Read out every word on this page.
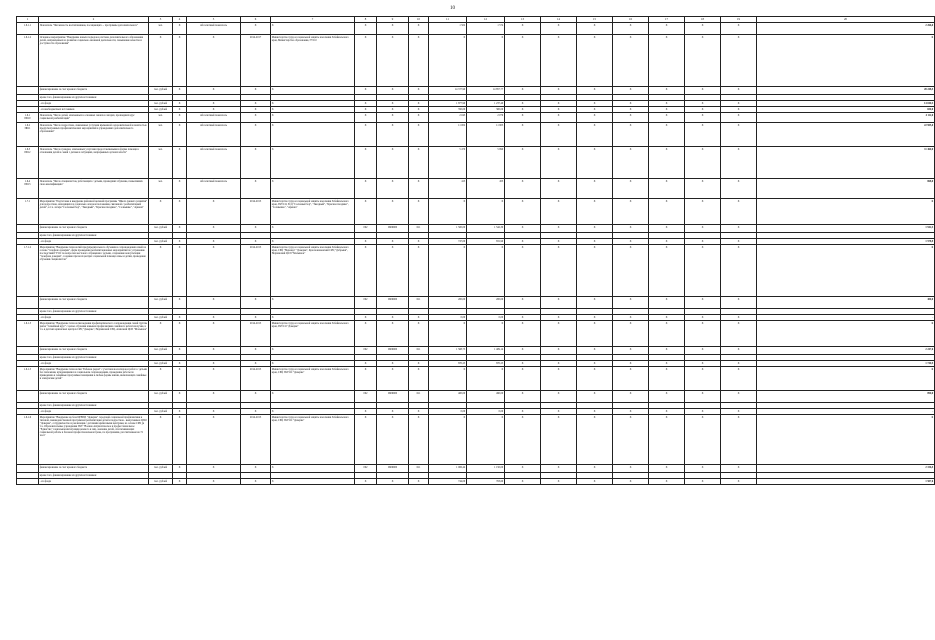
10
1	2	3	4	5	6	7	8	9	10	11	12	13	14	15	16	17	18	19	20
1.6.1.1	Показатель "Численность воспитанников, посещающих ... программы дополнительного"	чел.	Х	Абсолютный показатель	Х	Х	Х	Х	Х	1 502	1 574	Х	Х	Х	Х	Х	Х	Х	2 266,0
1.6.1.2	Основное мероприятие "Внедрение новых подходов в системе дополнительного образования детей, направленных на развитие социально-значимой деятельности, повышение качества и доступности образования"	Х	Х	Х	2014-2017	Министерство труда и социальной защиты населения Забайкальского края, Министерство образования, ГУСО	Х	Х	Х	Х	Х	Х	Х	Х	Х	Х	Х	Х	Х
	финансирование за счет краевого бюджета	тыс. рублей	Х	Х	Х	Х	Х	Х	Х	14 727,90	14 857,77	Х	Х	Х	Х	Х	Х	Х	28 248,5
	кроме того, финансирование из других источников:																		
	- из фонда	тыс. рублей	Х	Х	Х	Х	Х	Х	Х	1 877,90	1 237,40	Х	Х	Х	Х	Х	Х	Х	14 040,3
	- из внебюджетных источников	тыс. рублей	Х	Х	Х	Х	Х	Х	Х	350,00	300,00	Х	Х	Х	Х	Х	Х	Х	650,0
1.6.1
ПБ10	Показатель "Число детей, охваченных в основных сменах в лагерях, прошедших курс социальной реабилитации"	чел.	Х	Абсолютный показатель	Х	Х	Х	Х	Х	2 043	2 079	Х	Х	Х	Х	Х	Х	Х	4 112,0
1.6.2
ПБ11	Показатель "Число подростков, охваченных услугами временной оздоровительной и занятостью предусмотренных профилактических мероприятий в учреждениях дополнительного образования"	чел.	Х	Абсолютный показатель	Х	Х	Х	Х	Х	11 002	11 903	Х	Х	Х	Х	Х	Х	Х	22 905,0
1.6.3
ПБ12	Показатель "Число граждан, охваченных услугами предоставляемыми в форме помощи в отношении детей и семей с детьми в ситуациях, непрерывных органах власти"	чел.	Х	Абсолютный показатель	Х	Х	Х	Х	Х	5 470	5 990	Х	Х	Х	Х	Х	Х	Х	11 460,0
1.6.4
ПБ13	Показатель "Число специалистов, работающих с детьми, прошедших обучение, повысивших свою квалификацию"	чел.	Х	Абсолютный показатель	Х	Х	Х	Х	Х	415	453	Х	Х	Х	Х	Х	Х	Х	868,0
1.7.1	Мероприятие "Подготовка и внедрение районной целевой программы "Школа раннего развития" для подростков, находящихся в социально опасном положении, связанной с реабилитацией детей", в т.ч. лагеря "Сосновый бор", "Звездный", "Красная гвоздика", "Солнышко", "Ариана"	Х	Х	Х	2014-2015	Министерство труда и социальной защиты населения Забайкальского края, ГКУСО, ЗСД "Сосновый бор", "Звездный", "Красная гвоздика", "Солнышко", "Ариана"	Х	Х	Х	Х	Х	Х	Х	Х	Х	Х	Х	Х	Х
	финансирование за счет краевого бюджета	тыс. рублей	Х	Х	Х	Х	002	0609900	611	1 500,00	1 542,30	Х	Х	Х	Х	Х	Х	Х	1 942,3
	кроме того, финансирование из других источников:																		
	- из фонда	тыс. рублей	Х	Х	Х	Х	Х	Х	Х	747,00	831,90	Х	Х	Х	Х	Х	Х	Х	1 578,9
1.7.1.2	Мероприятие "Внедрение технологий предупредительного обучения и сопровождения семей на основе "телефона доверия", форм проведения реабилитационных мероприятий по устранению последствий ГУСО по вопросам жестокого обращения с детьми, сохранение консультации "телефона доверия", создание при всех центрах социальной помощи семье и детям, проведение обучения специалистов"	Х	Х	Х	2014-2015	Министерство труда и социальной защиты населения Забайкальского края, СРЦ "Надежда" "Доверие", Краснокаменский СРЦ "Добрыня", Нерчинский ЦСП "Малышок"	Х	Х	Х	Х	Х	Х	Х	Х	Х	Х	Х	Х	Х
	финансирование за счет краевого бюджета	тыс. рублей	Х	Х	Х	Х	002	0609900	611	200,00	200,00	Х	Х	Х	Х	Х	Х	Х	400,0
	кроме того, финансирование из других источников:																		
	- из фонда	тыс. рублей	Х	Х	Х	Х	Х	Х	Х	0,00	0,00	Х	Х	Х	Х	Х	Х	Х	-
1.6.1.3	Мероприятие "Внедрение технологии ведения профилактического сопровождения семей группы риска "Семейный круг" с целью обучения навыкам профилактики семейного неблагополучия, в т.ч. в детских кризисных центрах СРЦ "Доверие", Нерчинский СРЦ, Агинский ЦСП "Малышок"	Х	Х	Х	2014-2015	Министерство труда и социальной защиты населения Забайкальского края, ГКУСО "Доверие"	Х	Х	Х	Х	Х	Х	Х	Х	Х	Х	Х	Х	Х
	финансирование за счет краевого бюджета	тыс. рублей	Х	Х	Х	Х	002	0609900	611	1 568,75	1 409,14	Х	Х	Х	Х	Х	Х	Х	2 247,6
	кроме того, финансирование из других источников:																		
	- из фонда	тыс. рублей	Х	Х	Х	Х	Х	Х	Х	870,25	870,25	Х	Х	Х	Х	Х	Х	Х	1 740,5
1.6.1.5	Мероприятие "Внедрение технологии "Ребенок рядом" с участием волонтеров и работа с детьми без попечения, нуждающимися в социальном сопровождении, проведение работы по приведению в семейные программы помещения в любые формы жизни, включающих семейные и опекунские детей"	Х	Х	Х	2014-2015	Министерство труда и социальной защиты населения Забайкальского края, СРЦ ГКУСО "Доверие"	Х	Х	Х	Х	Х	Х	Х	Х	Х	Х	Х	Х	Х
	финансирование за счет краевого бюджета	тыс. рублей	Х	Х	Х	Х	002	0609900	611	400,00	490,00	Х	Х	Х	Х	Х	Х	Х	890,0
	кроме того, финансирование из других источников:																		
	- из фонда	тыс. рублей	Х	Х	Х	Х	Х	Х	Х	0,00	0,00	Х	Х	Х	Х	Х	Х	Х	-
1.6.1.6	Мероприятие "Внедрение на базе ЦРЕПИ "Доверие" городской социальной профилактики и типовой, межведомственной программой реабилитации детей и подростков - выпускников ЦПО "Доверие", сотрудничество и реализация с детскими кризисными центрами, на основе СРЦ (в т.ч. Образовательные учреждения ГКУ "Военно-патриотическое и профессиональное "Единство" социальная интеграция целевого и лиц, оказание детей, обеспечивающих социальной работы в базовом профессиональном треке, по программам, рассчитанным на 72 часа"	Х	Х	Х	2014-2015	Министерство труда и социальной защиты населения Забайкальского края, СРЦ ГКУСО "Доверие"	Х	Х	Х	Х	Х	Х	Х	Х	Х	Х	Х	Х	Х
	финансирование за счет краевого бюджета	тыс. рублей	Х	Х	Х	Х	002	0609900	611	1 006,44	1 150,00	Х	Х	Х	Х	Х	Х	Х	2 156,5
	кроме того, финансирование из других источников:																		
	- из фонда	тыс. рублей	Х	Х	Х	Х	Х	Х	Х	744,00	763,60	Х	Х	Х	Х	Х	Х	Х	1 507,6
